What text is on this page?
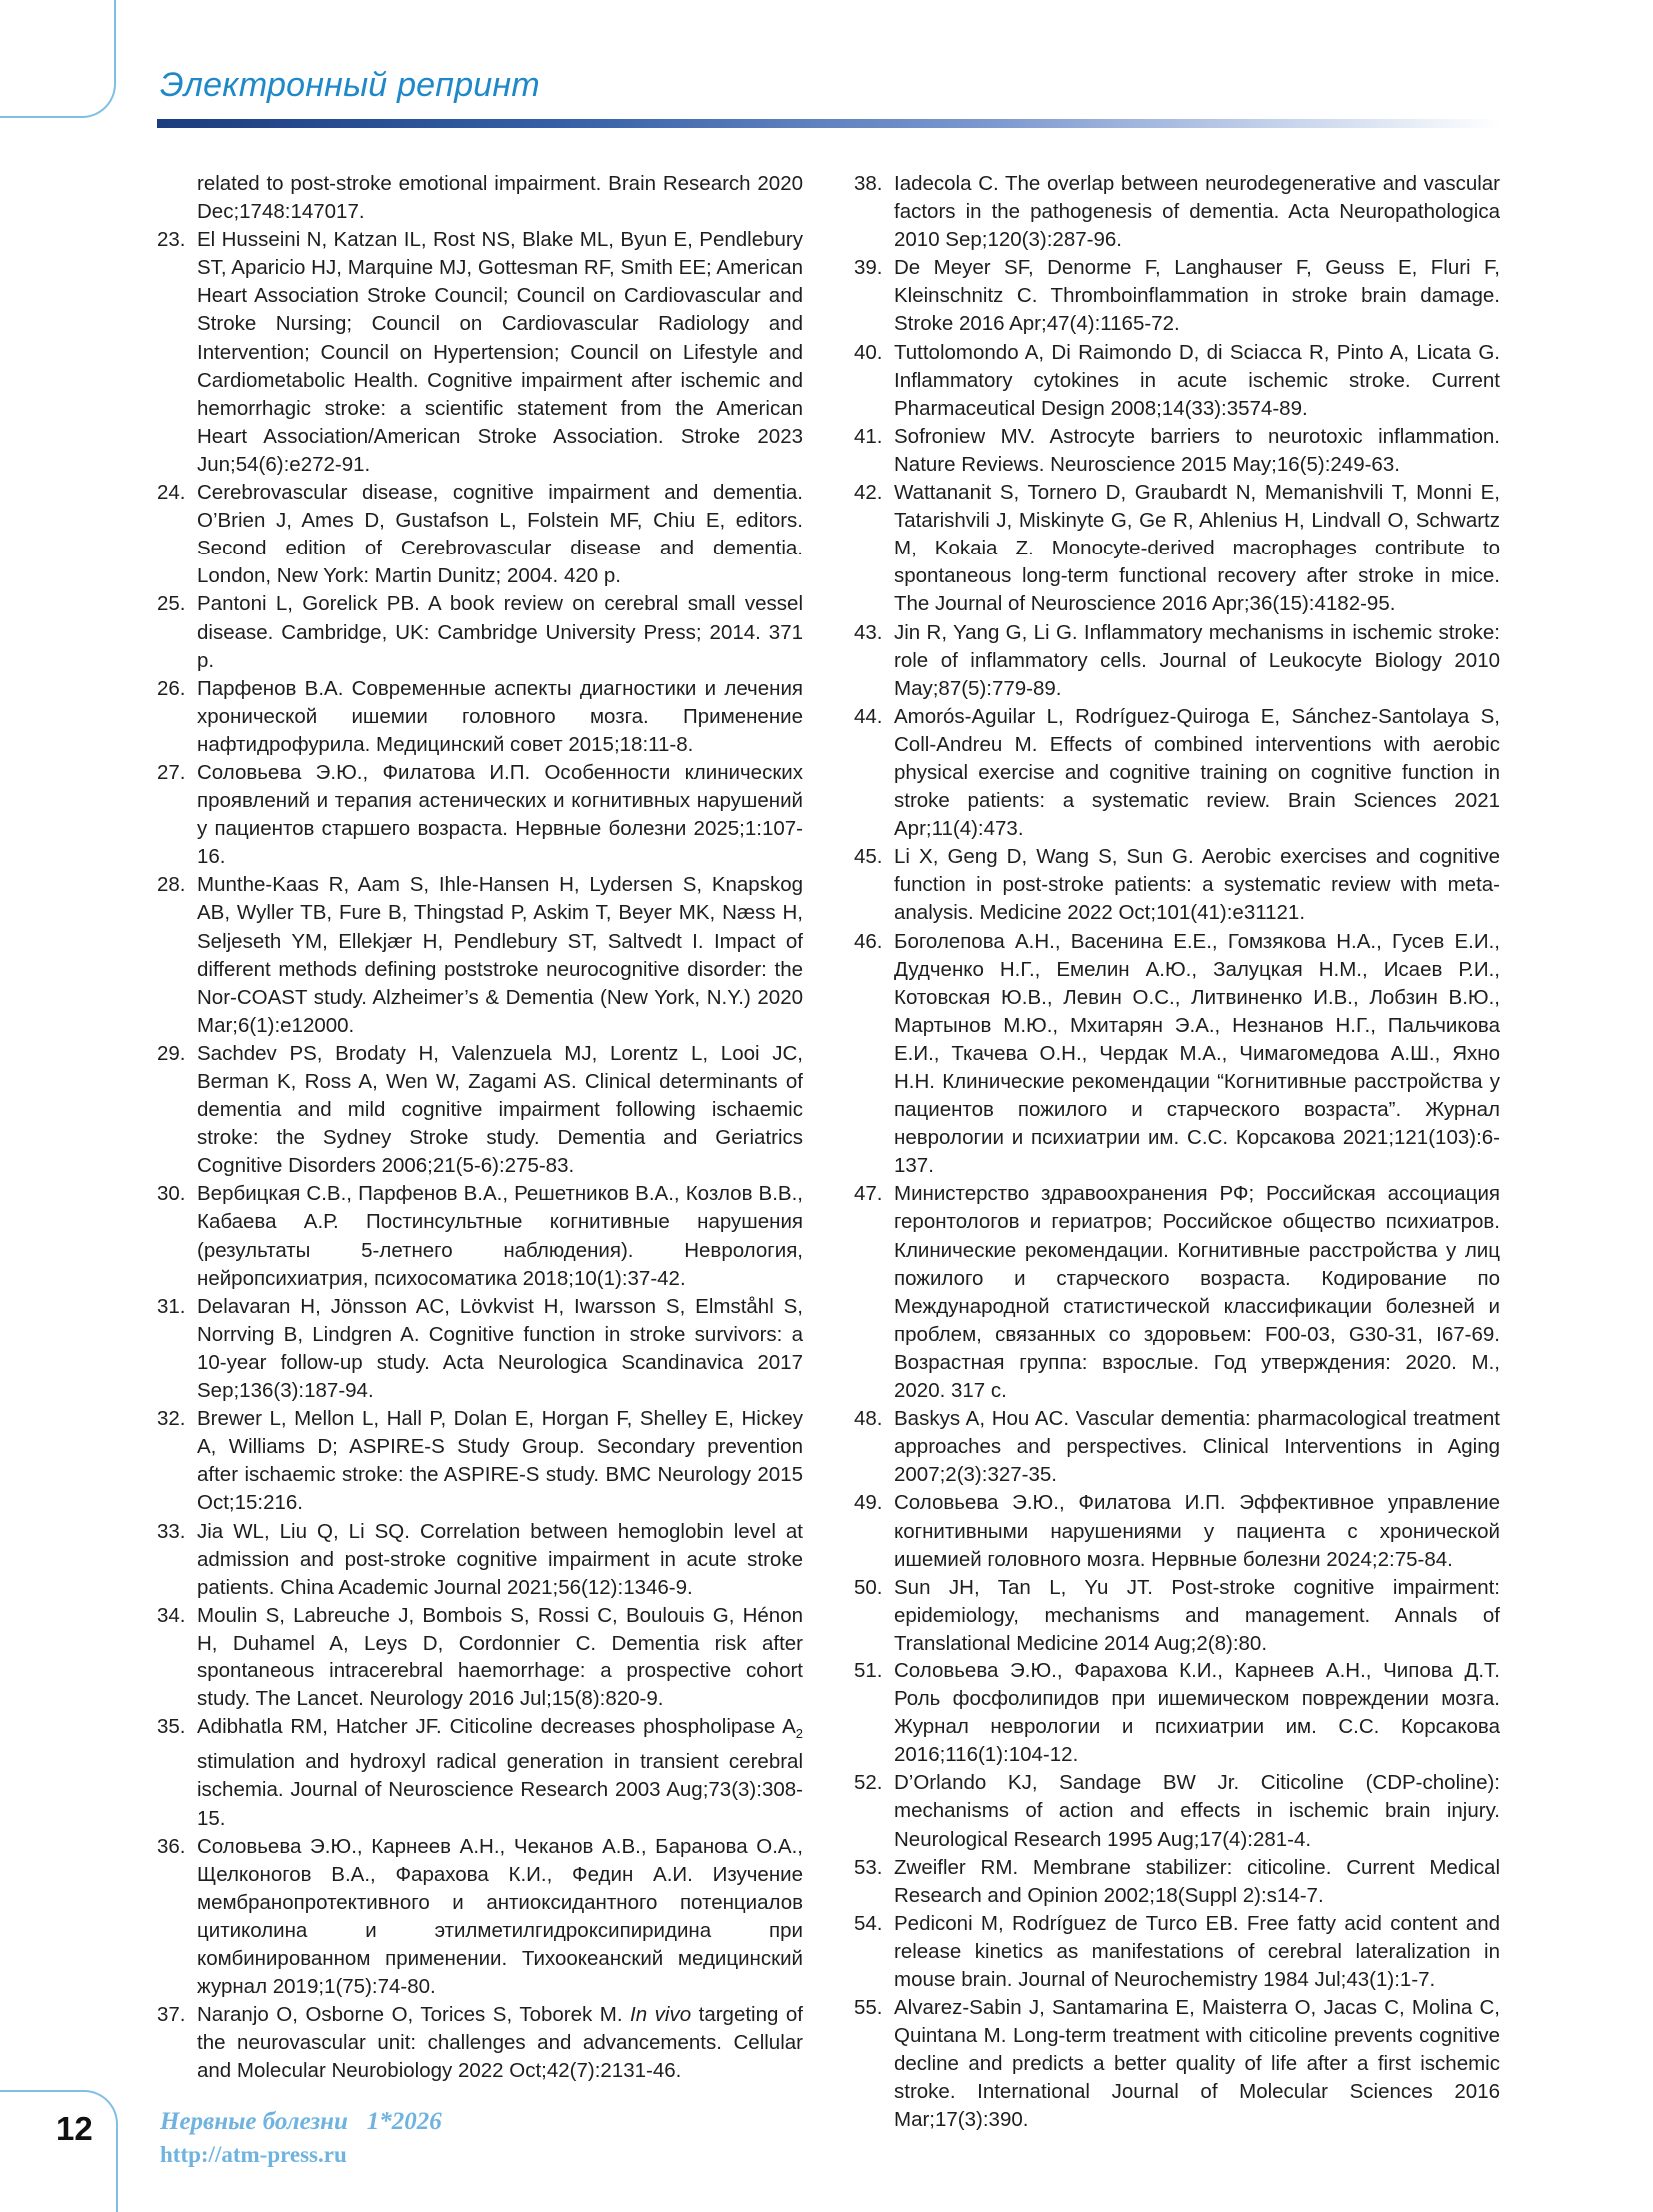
Электронный репринт
related to post-stroke emotional impairment. Brain Research 2020 Dec;1748:147017.
23. El Husseini N, Katzan IL, Rost NS, Blake ML, Byun E, Pendlebury ST, Aparicio HJ, Marquine MJ, Gottesman RF, Smith EE; American Heart Association Stroke Council; Council on Cardiovascular and Stroke Nursing; Council on Cardiovascular Radiology and Intervention; Council on Hypertension; Council on Lifestyle and Cardiometabolic Health. Cognitive impairment after ischemic and hemorrhagic stroke: a scientific statement from the American Heart Association/American Stroke Association. Stroke 2023 Jun;54(6):e272-91.
24. Cerebrovascular disease, cognitive impairment and dementia. O’Brien J, Ames D, Gustafson L, Folstein MF, Chiu E, editors. Second edition of Cerebrovascular disease and dementia. London, New York: Martin Dunitz; 2004. 420 p.
25. Pantoni L, Gorelick PB. A book review on cerebral small vessel disease. Cambridge, UK: Cambridge University Press; 2014. 371 p.
26. Парфенов В.А. Современные аспекты диагностики и лечения хронической ишемии головного мозга. Применение нафтидрофурила. Медицинский совет 2015;18:11-8.
27. Соловьева Э.Ю., Филатова И.П. Особенности клинических проявлений и терапия астенических и когнитивных нарушений у пациентов старшего возраста. Нервные болезни 2025;1:107-16.
28. Munthe-Kaas R, Aam S, Ihle-Hansen H, Lydersen S, Knapskog AB, Wyller TB, Fure B, Thingstad P, Askim T, Beyer MK, Næss H, Seljeseth YM, Ellekjær H, Pendlebury ST, Saltvedt I. Impact of different methods defining poststroke neurocognitive disorder: the Nor-COAST study. Alzheimer’s & Dementia (New York, N.Y.) 2020 Mar;6(1):e12000.
29. Sachdev PS, Brodaty H, Valenzuela MJ, Lorentz L, Looi JC, Berman K, Ross A, Wen W, Zagami AS. Clinical determinants of dementia and mild cognitive impairment following ischaemic stroke: the Sydney Stroke study. Dementia and Geriatrics Cognitive Disorders 2006;21(5-6):275-83.
30. Вербицкая С.В., Парфенов В.А., Решетников В.А., Козлов В.В., Кабаева А.Р. Постинсультные когнитивные нарушения (результаты 5-летнего наблюдения). Неврология, нейропсихиатрия, психосоматика 2018;10(1):37-42.
31. Delavaran H, Jönsson AC, Lövkvist H, Iwarsson S, Elmståhl S, Norrving B, Lindgren A. Cognitive function in stroke survivors: a 10-year follow-up study. Acta Neurologica Scandinavica 2017 Sep;136(3):187-94.
32. Brewer L, Mellon L, Hall P, Dolan E, Horgan F, Shelley E, Hickey A, Williams D; ASPIRE-S Study Group. Secondary prevention after ischaemic stroke: the ASPIRE-S study. BMC Neurology 2015 Oct;15:216.
33. Jia WL, Liu Q, Li SQ. Correlation between hemoglobin level at admission and post-stroke cognitive impairment in acute stroke patients. China Academic Journal 2021;56(12):1346-9.
34. Moulin S, Labreuche J, Bombois S, Rossi C, Boulouis G, Hénon H, Duhamel A, Leys D, Cordonnier C. Dementia risk after spontaneous intracerebral haemorrhage: a prospective cohort study. The Lancet. Neurology 2016 Jul;15(8):820-9.
35. Adibhatla RM, Hatcher JF. Citicoline decreases phospholipase $A_2$ stimulation and hydroxyl radical generation in transient cerebral ischemia. Journal of Neuroscience Research 2003 Aug;73(3):308-15.
36. Соловьева Э.Ю., Карнеев А.Н., Чеканов А.В., Баранова О.А., Щелконогов В.А., Фарахова К.И., Федин А.И. Изучение мембранопротективного и антиоксидантного потенциалов цитиколина и этилметилгидроксипиридина при комбинированном применении. Тихоокеанский медицинский журнал 2019;1(75):74-80.
37. Naranjo O, Osborne O, Torices S, Toborek M. In vivo targeting of the neurovascular unit: challenges and advancements. Cellular and Molecular Neurobiology 2022 Oct;42(7):2131-46.
38. Iadecola C. The overlap between neurodegenerative and vascular factors in the pathogenesis of dementia. Acta Neuropathologica 2010 Sep;120(3):287-96.
39. De Meyer SF, Denorme F, Langhauser F, Geuss E, Fluri F, Kleinschnitz C. Thromboinflammation in stroke brain damage. Stroke 2016 Apr;47(4):1165-72.
40. Tuttolomondo A, Di Raimondo D, di Sciacca R, Pinto A, Licata G. Inflammatory cytokines in acute ischemic stroke. Current Pharmaceutical Design 2008;14(33):3574-89.
41. Sofroniew MV. Astrocyte barriers to neurotoxic inflammation. Nature Reviews. Neuroscience 2015 May;16(5):249-63.
42. Wattananit S, Tornero D, Graubardt N, Memanishvili T, Monni E, Tatarishvili J, Miskinyte G, Ge R, Ahlenius H, Lindvall O, Schwartz M, Kokaia Z. Monocyte-derived macrophages contribute to spontaneous long-term functional recovery after stroke in mice. The Journal of Neuroscience 2016 Apr;36(15):4182-95.
43. Jin R, Yang G, Li G. Inflammatory mechanisms in ischemic stroke: role of inflammatory cells. Journal of Leukocyte Biology 2010 May;87(5):779-89.
44. Amorós-Aguilar L, Rodríguez-Quiroga E, Sánchez-Santolaya S, Coll-Andreu M. Effects of combined interventions with aerobic physical exercise and cognitive training on cognitive function in stroke patients: a systematic review. Brain Sciences 2021 Apr;11(4):473.
45. Li X, Geng D, Wang S, Sun G. Aerobic exercises and cognitive function in post-stroke patients: a systematic review with meta-analysis. Medicine 2022 Oct;101(41):e31121.
46. Боголепова А.Н., Васенина Е.Е., Гомзякова Н.А., Гусев Е.И., Дудченко Н.Г., Емелин А.Ю., Залуцкая Н.М., Исаев Р.И., Котовская Ю.В., Левин О.С., Литвиненко И.В., Лобзин В.Ю., Мартынов М.Ю., Мхитарян Э.А., Незнанов Н.Г., Пальчикова Е.И., Ткачева О.Н., Чердак М.А., Чимагомедова А.Ш., Яхно Н.Н. Клинические рекомендации “Когнитивные расстройства у пациентов пожилого и старческого возраста”. Журнал неврологии и психиатрии им. С.С. Корсакова 2021;121(103):6-137.
47. Министерство здравоохранения РФ; Российская ассоциация геронтологов и гериатров; Российское общество психиатров. Клинические рекомендации. Когнитивные расстройства у лиц пожилого и старческого возраста. Кодирование по Международной статистической классификации болезней и проблем, связанных со здоровьем: F00-03, G30-31, I67-69. Возрастная группа: взрослые. Год утверждения: 2020. М., 2020. 317 с.
48. Baskys A, Hou AC. Vascular dementia: pharmacological treatment approaches and perspectives. Clinical Interventions in Aging 2007;2(3):327-35.
49. Соловьева Э.Ю., Филатова И.П. Эффективное управление когнитивными нарушениями у пациента с хронической ишемией головного мозга. Нервные болезни 2024;2:75-84.
50. Sun JH, Tan L, Yu JT. Post-stroke cognitive impairment: epidemiology, mechanisms and management. Annals of Translational Medicine 2014 Aug;2(8):80.
51. Соловьева Э.Ю., Фарахова К.И., Карнеев А.Н., Чипова Д.Т. Роль фосфолипидов при ишемическом повреждении мозга. Журнал неврологии и психиатрии им. С.С. Корсакова 2016;116(1):104-12.
52. D’Orlando KJ, Sandage BW Jr. Citicoline (CDP-choline): mechanisms of action and effects in ischemic brain injury. Neurological Research 1995 Aug;17(4):281-4.
53. Zweifler RM. Membrane stabilizer: citicoline. Current Medical Research and Opinion 2002;18(Suppl 2):s14-7.
54. Pediconi M, Rodríguez de Turco EB. Free fatty acid content and release kinetics as manifestations of cerebral lateralization in mouse brain. Journal of Neurochemistry 1984 Jul;43(1):1-7.
55. Alvarez-Sabin J, Santamarina E, Maisterra O, Jacas C, Molina C, Quintana M. Long-term treatment with citicoline prevents cognitive decline and predicts a better quality of life after a first ischemic stroke. International Journal of Molecular Sciences 2016 Mar;17(3):390.
12	Нервные болезни   1*2026
http://atm-press.ru
